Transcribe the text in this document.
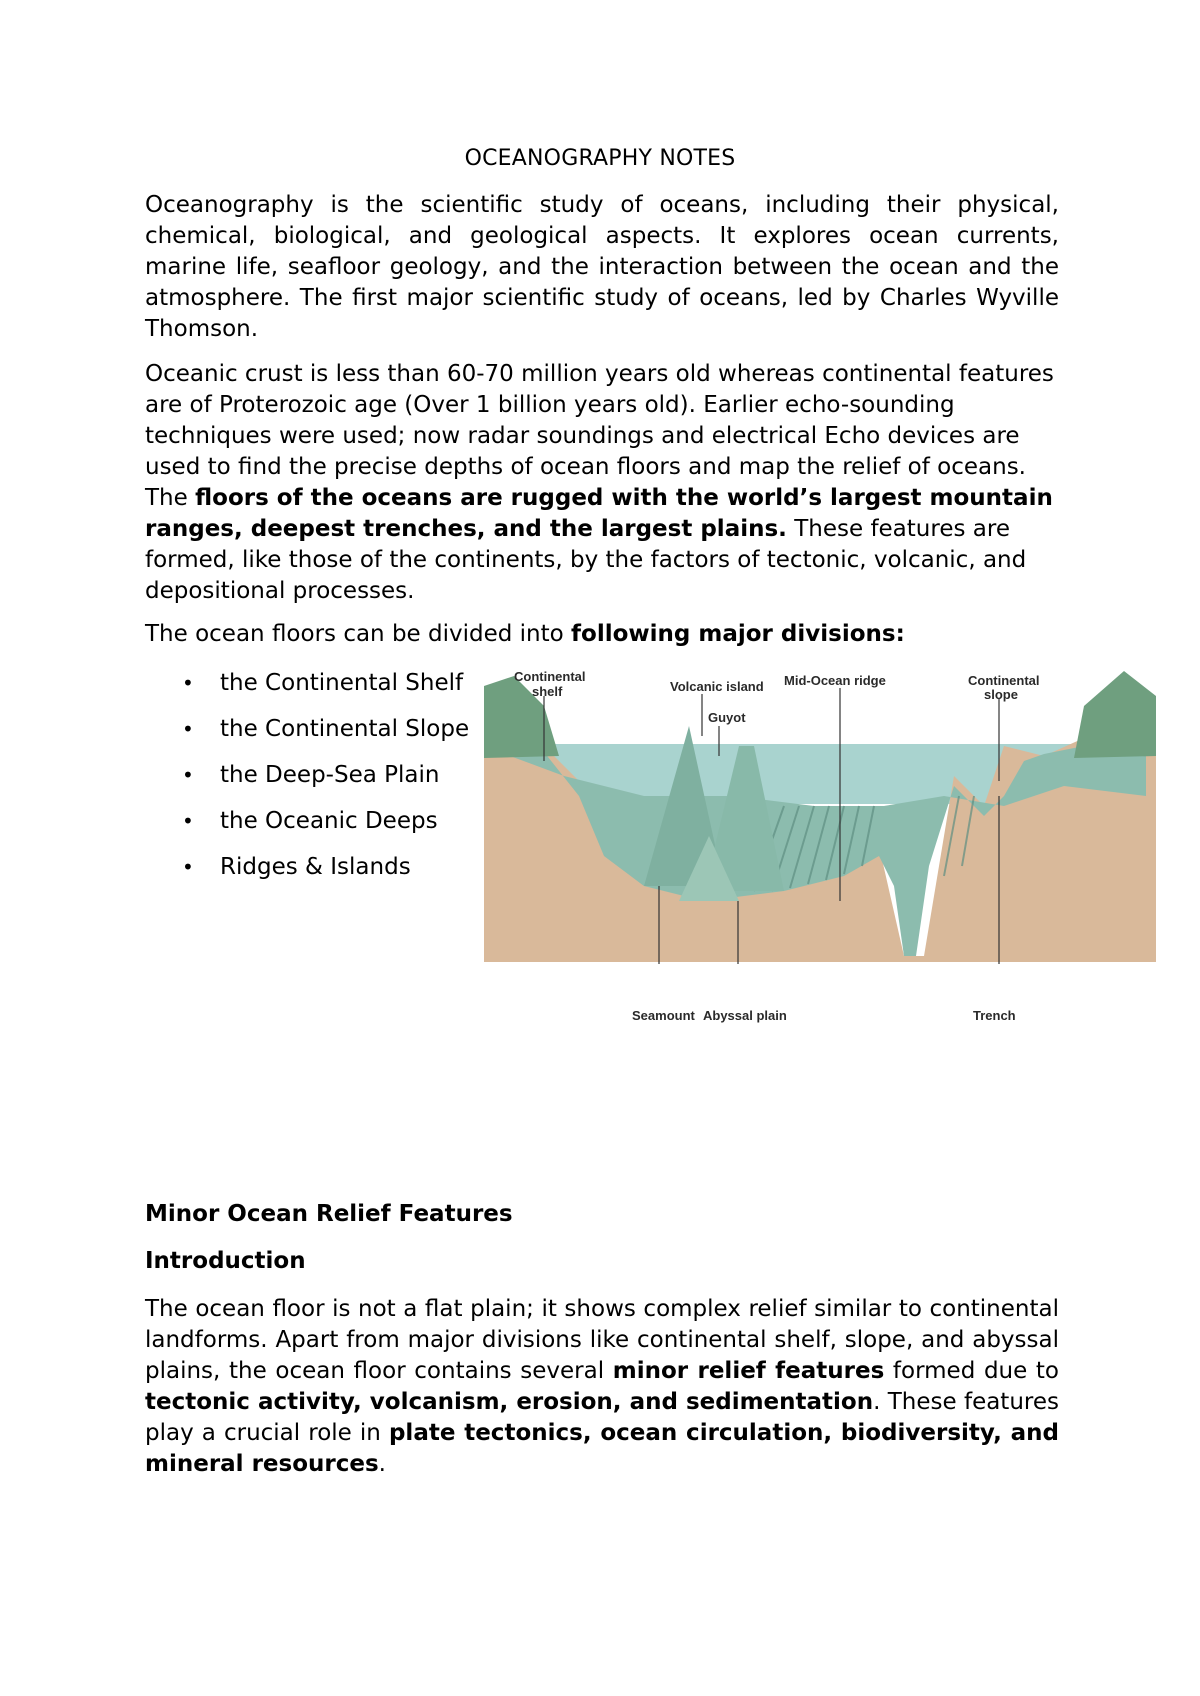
OCEANOGRAPHY NOTES

Oceanography is the scientific study of oceans, including their physical, chemical, biological, and geological aspects. It explores ocean currents, marine life, seafloor geology, and the interaction between the ocean and the atmosphere. The first major scientific study of oceans, led by Charles Wyville Thomson.

Oceanic crust is less than 60-70 million years old whereas continental features are of Proterozoic age (Over 1 billion years old). Earlier echo-sounding techniques were used; now radar soundings and electrical Echo devices are used to find the precise depths of ocean floors and map the relief of oceans. The floors of the oceans are rugged with the world’s largest mountain ranges, deepest trenches, and the largest plains. These features are formed, like those of the continents, by the factors of tectonic, volcanic, and depositional processes.

The ocean floors can be divided into following major divisions:

• the Continental Shelf
• the Continental Slope
• the Deep-Sea Plain
• the Oceanic Deeps
• Ridges & Islands
Continental
shelf	Volcanic island Mid-Ocean ridge	Continental
slope
Guyot
Seamount Abyssal plain	Trench
Minor Ocean Relief Features
Introduction

The ocean floor is not a flat plain; it shows complex relief similar to continental landforms. Apart from major divisions like continental shelf, slope, and abyssal plains, the ocean floor contains several minor relief features formed due to tectonic activity, volcanism, erosion, and sedimentation. These features play a crucial role in plate tectonics, ocean circulation, biodiversity, and mineral resources.
